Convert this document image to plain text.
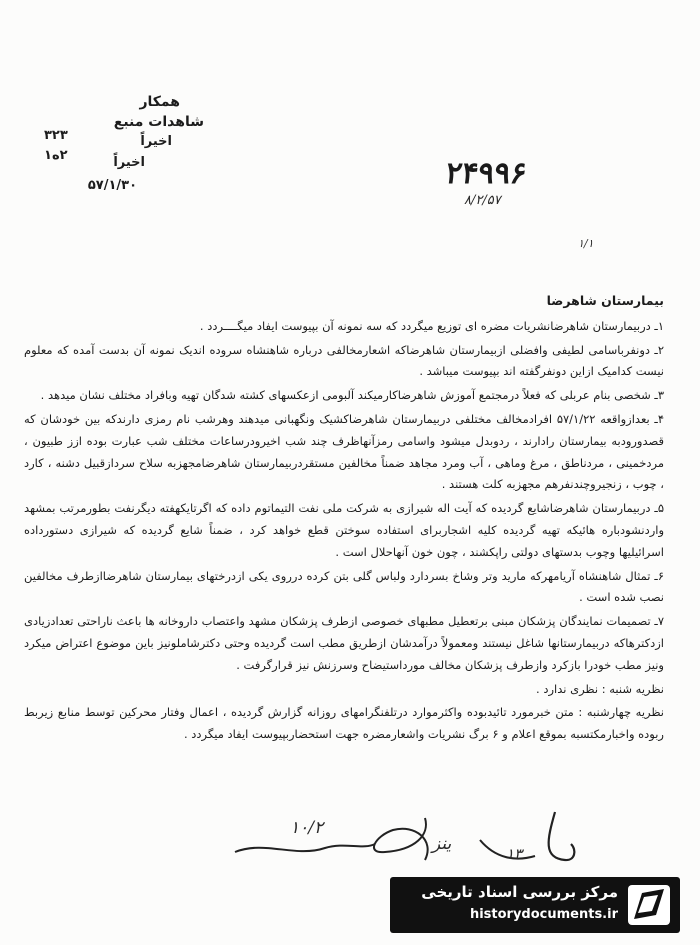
همکار
شاهدات منبع
اخیراً
اخیراً
۵۷/۱/۳۰
۳۲۳
۲ه۱
۲۴۹۹۶
۸/۲/۵۷
۱/۱
بیمارستان شاهرضا

۱ـ دربیمارستان شاهرضانشریات مضره ای توزیع میگردد که سه نمونه آن بپیوست ایفاد میگــــردد .

۲ـ دونفرباسامی لطیفی وافضلی ازبیمارستان شاهرضاکه اشعارمخالفی درباره شاهنشاه سروده اندیک نمونه آن بدست آمده که معلوم نیست کدامیک ازاین دونفرگفته اند بپیوست میباشد .

۳ـ شخصی بنام عربلی که فعلاً درمجتمع آموزش شاهرضاکارمیکند آلبومی ازعکسهای کشته شدگان تهیه وبافراد مختلف نشان میدهد .

۴ـ بعدازواقعه ۵۷/۱/۲۲ افرادمخالف مختلفی دربیمارستان شاهرضاکشیک ونگهبانی میدهند وهرشب نام رمزی دارندکه بین خودشان که قصدورودبه بیمارستان رادارند ، ردوبدل میشود واسامی رمزآنهاظرف چند شب اخیرودرساعات مختلف شب عبارت بوده ازز طبیون ، مردخمینی ، مردناطق ، مرغ وماهی ، آب ومرد مجاهد ضمناً مخالفین مستقردربیمارستان شاهرضامجهزبه سلاح سردازقبیل دشنه ، کارد ، چوب ، زنجیروچندنفرهم مجهزبه کلت هستند .

۵ـ دربیمارستان شاهرضاشایع گردیده که آیت اله شیرازی به شرکت ملی نفت التیماتوم داده که اگرتایکهفته دیگرنفت بطورمرتب بمشهد واردنشودباره هائیکه تهیه گردیده کلیه اشجاربرای استفاده سوختن قطع خواهد کرد ، ضمناً شایع گردیده که شیرازی دستورداده اسرائیلیها وچوب بدستهای دولتی راپکشند ، چون خون آنهاحلال است .

۶ـ تمثال شاهنشاه آریامهرکه مارید وتر وشاخ بسردارد ولباس گلی بتن کرده درروی یکی ازدرختهای بیمارستان شاهرضاازطرف مخالفین نصب شده است .

۷ـ تصمیمات نمایندگان پزشکان مبنی برتعطیل مطبهای خصوصی ازطرف پزشکان مشهد واعتصاب داروخانه ها باعث ناراحتی تعدادزیادی ازدکترهاکه دربیمارستانها شاغل نیستند ومعمولاً درآمدشان ازطریق مطب است گردیده وحتی دکترشاملونیز باین موضوع اعتراض میکرد ونیز مطب خودرا بازکرد وازطرف پزشکان مخالف مورداستیضاح وسرزنش نیز قرارگرفت .

نظریه شنبه : نظری ندارد .

نظریه چهارشنبه : متن خبرمورد تائیدبوده واکثرموارد درتلفنگرامهای روزانه گزارش گردیده ، اعمال وفتار محرکین توسط منابع زیربط ربوده واخبارمکتسبه بموقع اعلام و ۶ برگ نشریات واشعارمضره جهت استحضاربپیوست ایفاد میگردد .

۱۰/۲
ینز	۱۳
مرکز بررسی اسناد تاریخی
historydocuments.ir
